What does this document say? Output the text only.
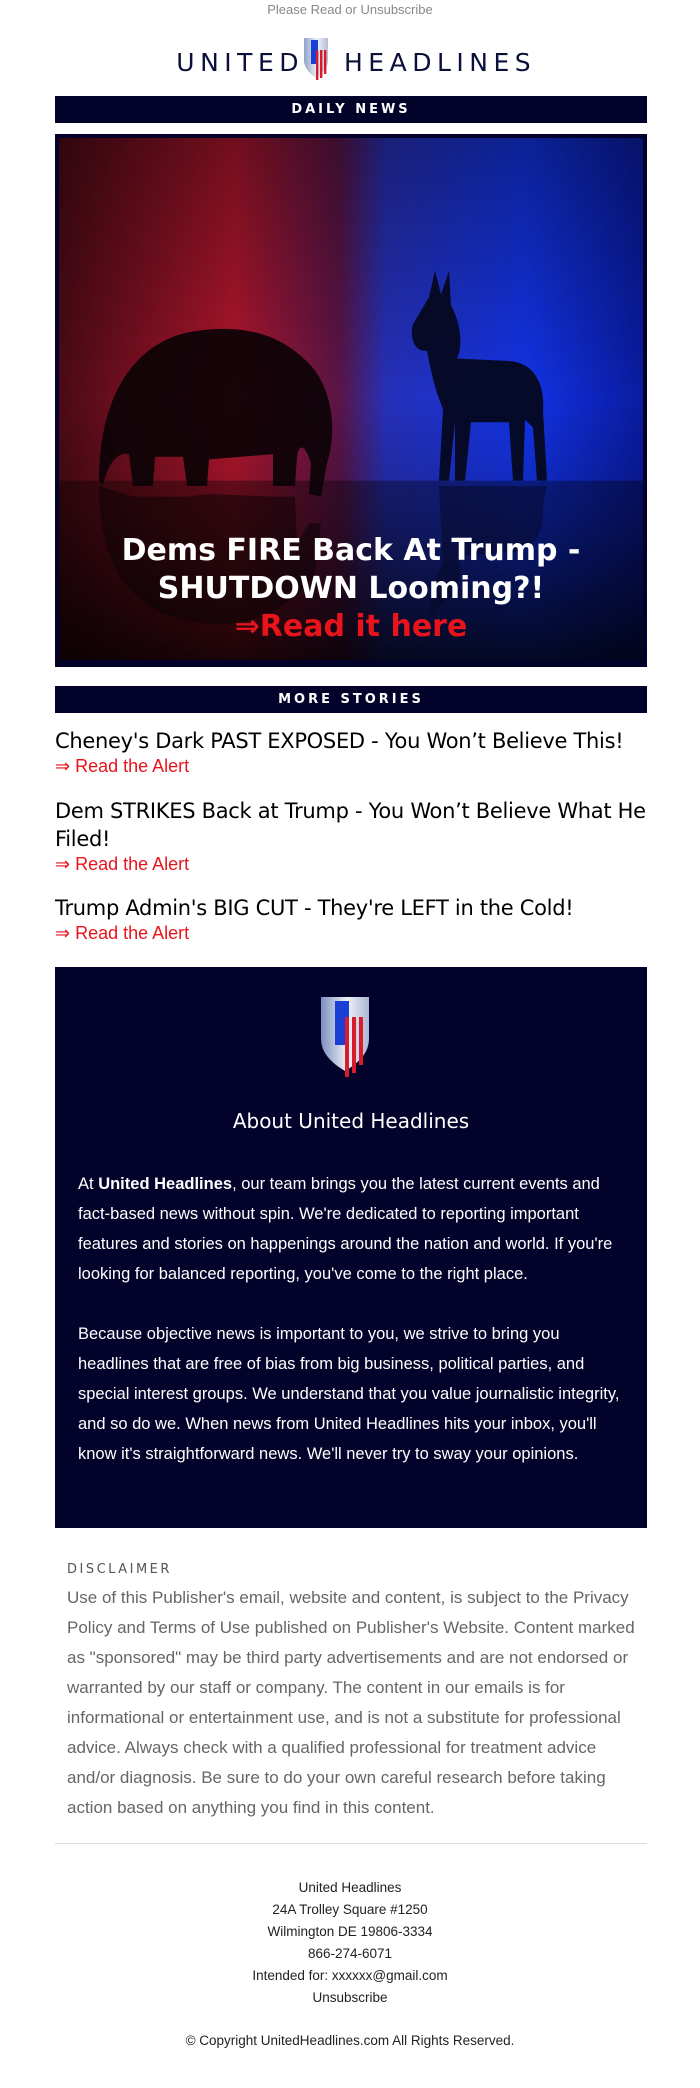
Please Read or Unsubscribe
UNITED HEADLINES
DAILY NEWS
Dems FIRE Back At Trump - SHUTDOWN Looming?!
⇒Read it here
MORE STORIES
Cheney's Dark PAST EXPOSED - You Won’t Believe This!
⇒ Read the Alert
Dem STRIKES Back at Trump - You Won’t Believe What He Filed!
⇒ Read the Alert
Trump Admin's BIG CUT - They're LEFT in the Cold!
⇒ Read the Alert
About United Headlines
At United Headlines, our team brings you the latest current events and fact-based news without spin. We're dedicated to reporting important features and stories on happenings around the nation and world. If you're looking for balanced reporting, you've come to the right place.
Because objective news is important to you, we strive to bring you headlines that are free of bias from big business, political parties, and special interest groups. We understand that you value journalistic integrity, and so do we. When news from United Headlines hits your inbox, you'll know it's straightforward news. We'll never try to sway your opinions.
DISCLAIMER
Use of this Publisher's email, website and content, is subject to the Privacy Policy and Terms of Use published on Publisher's Website. Content marked as "sponsored" may be third party advertisements and are not endorsed or warranted by our staff or company. The content in our emails is for informational or entertainment use, and is not a substitute for professional advice. Always check with a qualified professional for treatment advice and/or diagnosis. Be sure to do your own careful research before taking action based on anything you find in this content.
United Headlines
24A Trolley Square #1250
Wilmington DE 19806-3334
866-274-6071
Intended for: xxxxxx@gmail.com
Unsubscribe
© Copyright UnitedHeadlines.com All Rights Reserved.
